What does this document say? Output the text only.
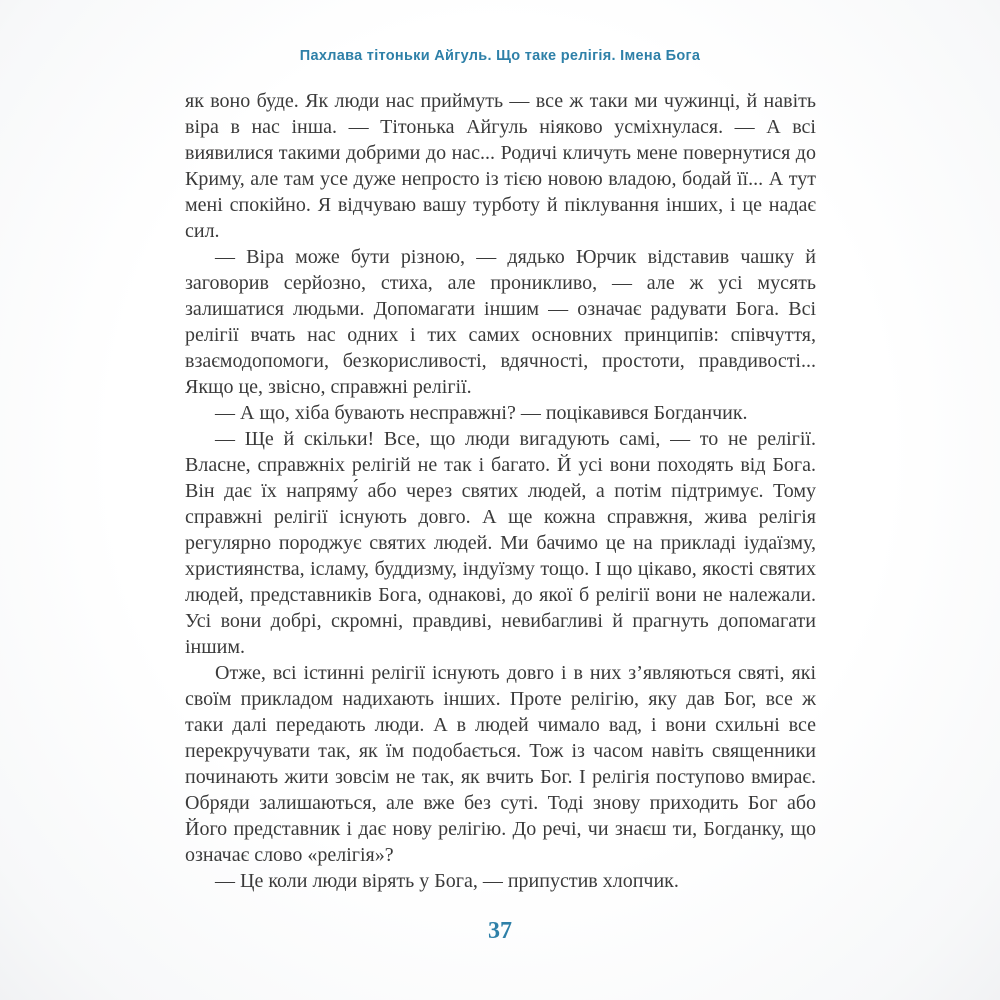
Пахлава тітоньки Айгуль. Що таке релігія. Імена Бога

як воно буде. Як люди нас приймуть — все ж таки ми чужинці, й навіть віра в нас інша. — Тітонька Айгуль ніяково усміхнулася. — А всі виявилися такими добрими до нас... Родичі кличуть мене повернутися до Криму, але там усе дуже непросто із тією новою владою, бодай її... А тут мені спокійно. Я відчуваю вашу турботу й піклування інших, і це надає сил.

— Віра може бути різною, — дядько Юрчик відставив чашку й заговорив серйозно, стиха, але проникливо, — але ж усі мусять залишатися людьми. Допомагати іншим — означає радувати Бога. Всі релігії вчать нас одних і тих самих основних принципів: співчуття, взаємодопомоги, безкорисливості, вдячності, простоти, правдивості... Якщо це, звісно, справжні релігії.

— А що, хіба бувають несправжні? — поцікавився Богданчик.

— Ще й скільки! Все, що люди вигадують самі, — то не релігії. Власне, справжніх релігій не так і багато. Й усі вони походять від Бога. Він дає їх напряму́ або через святих людей, а потім підтримує. Тому справжні релігії існують довго. А ще кожна справжня, жива релігія регулярно породжує святих людей. Ми бачимо це на прикладі іудаїзму, християнства, ісламу, буддизму, індуїзму тощо. І що цікаво, якості святих людей, представників Бога, однакові, до якої б релігії вони не належали. Усі вони добрі, скромні, правдиві, невибагливі й прагнуть допомагати іншим.

Отже, всі істинні релігії існують довго і в них з’являються святі, які своїм прикладом надихають інших. Проте релігію, яку дав Бог, все ж таки далі передають люди. А в людей чимало вад, і вони схильні все перекручувати так, як їм подобається. Тож із часом навіть священники починають жити зовсім не так, як вчить Бог. І релігія поступово вмирає. Обряди залишаються, але вже без суті. Тоді знову приходить Бог або Його представник і дає нову релігію. До речі, чи знаєш ти, Богданку, що означає слово «релігія»?

— Це коли люди вірять у Бога, — припустив хлопчик.

37
